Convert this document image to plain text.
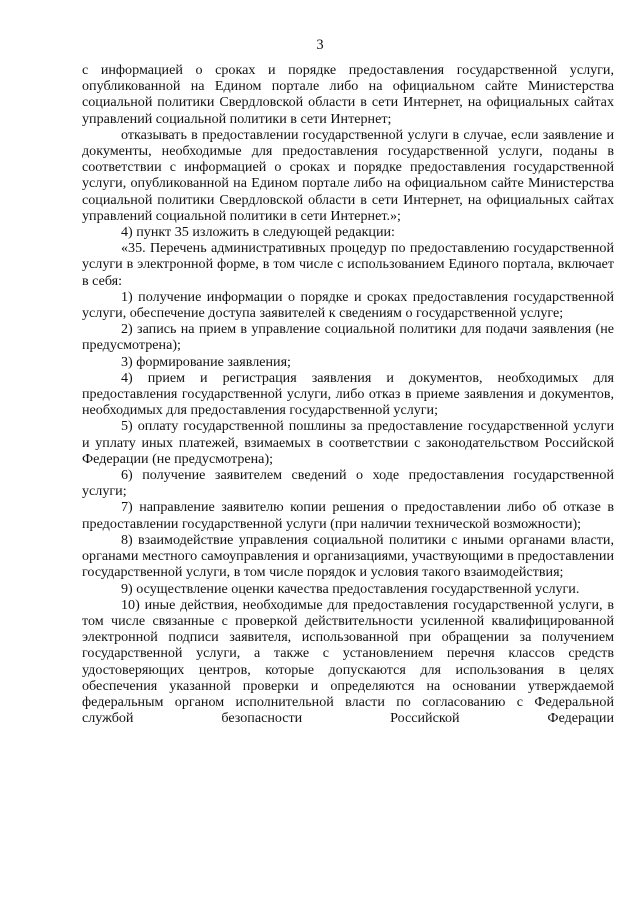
3

с информацией о сроках и порядке предоставления государственной услуги, опубликованной на Едином портале либо на официальном сайте Министерства социальной политики Свердловской области в сети Интернет, на официальных сайтах управлений социальной политики в сети Интернет;

отказывать в предоставлении государственной услуги в случае, если заявление и документы, необходимые для предоставления государственной услуги, поданы в соответствии с информацией о сроках и порядке предоставления государственной услуги, опубликованной на Едином портале либо на официальном сайте Министерства социальной политики Свердловской области в сети Интернет, на официальных сайтах управлений социальной политики в сети Интернет.»;

4) пункт 35 изложить в следующей редакции:

«35. Перечень административных процедур по предоставлению государственной услуги в электронной форме, в том числе с использованием Единого портала, включает в себя:

1) получение информации о порядке и сроках предоставления государственной услуги, обеспечение доступа заявителей к сведениям о государственной услуге;

2) запись на прием в управление социальной политики для подачи заявления (не предусмотрена);

3) формирование заявления;

4) прием и регистрация заявления и документов, необходимых для предоставления государственной услуги, либо отказ в приеме заявления и документов, необходимых для предоставления государственной услуги;

5) оплату государственной пошлины за предоставление государственной услуги и уплату иных платежей, взимаемых в соответствии с законодательством Российской Федерации (не предусмотрена);

6) получение заявителем сведений о ходе предоставления государственной услуги;

7) направление заявителю копии решения о предоставлении либо об отказе в предоставлении государственной услуги (при наличии технической возможности);

8) взаимодействие управления социальной политики с иными органами власти, органами местного самоуправления и организациями, участвующими в предоставлении государственной услуги, в том числе порядок и условия такого взаимодействия;

9) осуществление оценки качества предоставления государственной услуги.

10) иные действия, необходимые для предоставления государственной услуги, в том числе связанные с проверкой действительности усиленной квалифицированной электронной подписи заявителя, использованной при обращении за получением государственной услуги, а также с установлением перечня классов средств удостоверяющих центров, которые допускаются для использования в целях обеспечения указанной проверки и определяются на основании утверждаемой федеральным органом исполнительной власти по согласованию с Федеральной службой безопасности Российской Федерации
